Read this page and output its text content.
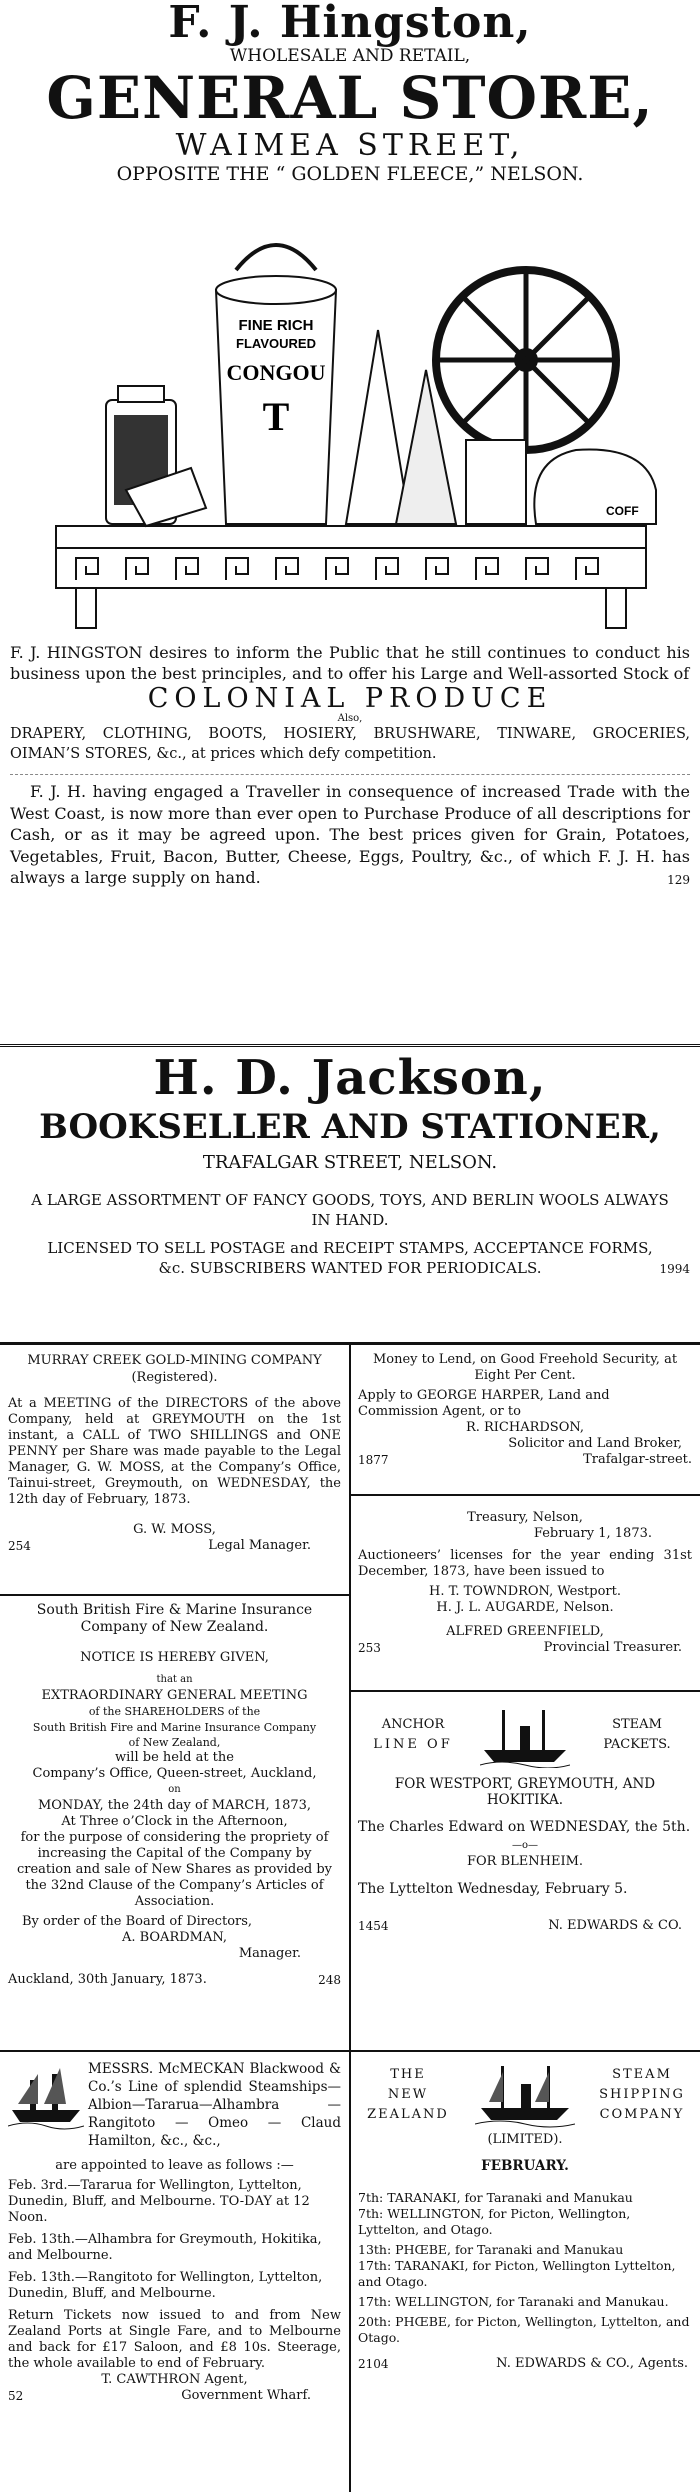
F. J. Hingston,
WHOLESALE AND RETAIL,
GENERAL STORE,
WAIMEA STREET,
OPPOSITE THE “ GOLDEN FLEECE,” NELSON.
FINE RICH
FLAVOURED
CONGOU
T
COFF

F. J. HINGSTON desires to inform the Public that he still continues to conduct his business upon the best principles, and to offer his Large and Well-assorted Stock of

COLONIAL PRODUCE
Also,

DRAPERY, CLOTHING, BOOTS, HOSIERY, BRUSHWARE, TINWARE, GROCERIES, OIMAN’S STORES, &c., at prices which defy competition.

F. J. H. having engaged a Traveller in consequence of increased Trade with the West Coast, is now more than ever open to Purchase Produce of all descriptions for Cash, or as it may be agreed upon. The best prices given for Grain, Potatoes, Vegetables, Fruit, Bacon, Butter, Cheese, Eggs, Poultry, &c., of which F. J. H. has always a large supply on hand.	129
H. D. Jackson,
BOOKSELLER AND STATIONER,
TRAFALGAR STREET, NELSON.

A LARGE ASSORTMENT OF FANCY GOODS, TOYS, AND BERLIN WOOLS ALWAYS IN HAND.

LICENSED TO SELL POSTAGE and RECEIPT STAMPS, ACCEPTANCE FORMS, &c. SUBSCRIBERS WANTED FOR PERIODICALS.	1994

MURRAY CREEK GOLD-MINING COMPANY (Registered).

At a MEETING of the DIRECTORS of the above Company, held at GREYMOUTH on the 1st instant, a CALL of TWO SHILLINGS and ONE PENNY per Share was made payable to the Legal Manager, G. W. MOSS, at the Company’s Office, Tainui-street, Greymouth, on WEDNESDAY, the 12th day of February, 1873.

G. W. MOSS,
254	Legal Manager.

South British Fire & Marine Insurance Company of New Zealand.

NOTICE IS HEREBY GIVEN,
that an
EXTRAORDINARY GENERAL MEETING
of the SHAREHOLDERS of the

South British Fire and Marine Insurance Company of New Zealand,

will be held at the
Company’s Office, Queen-street, Auckland,
on
MONDAY, the 24th day of MARCH, 1873,
At Three o’Clock in the Afternoon,

for the purpose of considering the propriety of increasing the Capital of the Company by creation and sale of New Shares as provided by the 32nd Clause of the Company’s Articles of Association.

By order of the Board of Directors,
A. BOARDMAN,
Manager.
Auckland, 30th January, 1873.	248

MESSRS. McMECKAN Blackwood & Co.’s Line of splendid Steamships—Albion—Tararua—Alhambra — Rangitoto — Omeo — Claud Hamilton, &c., &c.,

are appointed to leave as follows :—

Feb. 3rd.—Tararua for Wellington, Lyttelton, Dunedin, Bluff, and Melbourne. TO-DAY at 12 Noon.

Feb. 13th.—Alhambra for Greymouth, Hokitika, and Melbourne.

Feb. 13th.—Rangitoto for Wellington, Lyttelton, Dunedin, Bluff, and Melbourne.

Return Tickets now issued to and from New Zealand Ports at Single Fare, and to Melbourne and back for £17 Saloon, and £8 10s. Steerage, the whole available to end of February.

T. CAWTHRON Agent,
52	Government Wharf.

Money to Lend, on Good Freehold Security, at Eight Per Cent.

Apply to GEORGE HARPER, Land and Commission Agent, or to

R. RICHARDSON,
Solicitor and Land Broker,
1877	Trafalgar-street.
Treasury, Nelson,
February 1, 1873.

Auctioneers’ licenses for the year ending 31st December, 1873, have been issued to

H. T. TOWNDRON, Westport.
H. J. L. AUGARDE, Nelson.
ALFRED GREENFIELD,
253	Provincial Treasurer.
ANCHOR
LINE OF
STEAM
PACKETS.

FOR WESTPORT, GREYMOUTH, AND HOKITIKA.

The Charles Edward on WEDNESDAY, the 5th.

—o—
FOR BLENHEIM.

The Lyttelton Wednesday, February 5.

1454	N. EDWARDS & CO.
THE
NEW
ZEALAND
STEAM
SHIPPING
COMPANY
(LIMITED).
FEBRUARY.

7th: TARANAKI, for Taranaki and Manukau

7th: WELLINGTON, for Picton, Wellington, Lyttelton, and Otago.

13th: PHŒBE, for Taranaki and Manukau

17th: TARANAKI, for Picton, Wellington Lyttelton, and Otago.

17th: WELLINGTON, for Taranaki and Manukau.

20th: PHŒBE, for Picton, Wellington, Lyttelton, and Otago.

2104	N. EDWARDS & CO., Agents.
